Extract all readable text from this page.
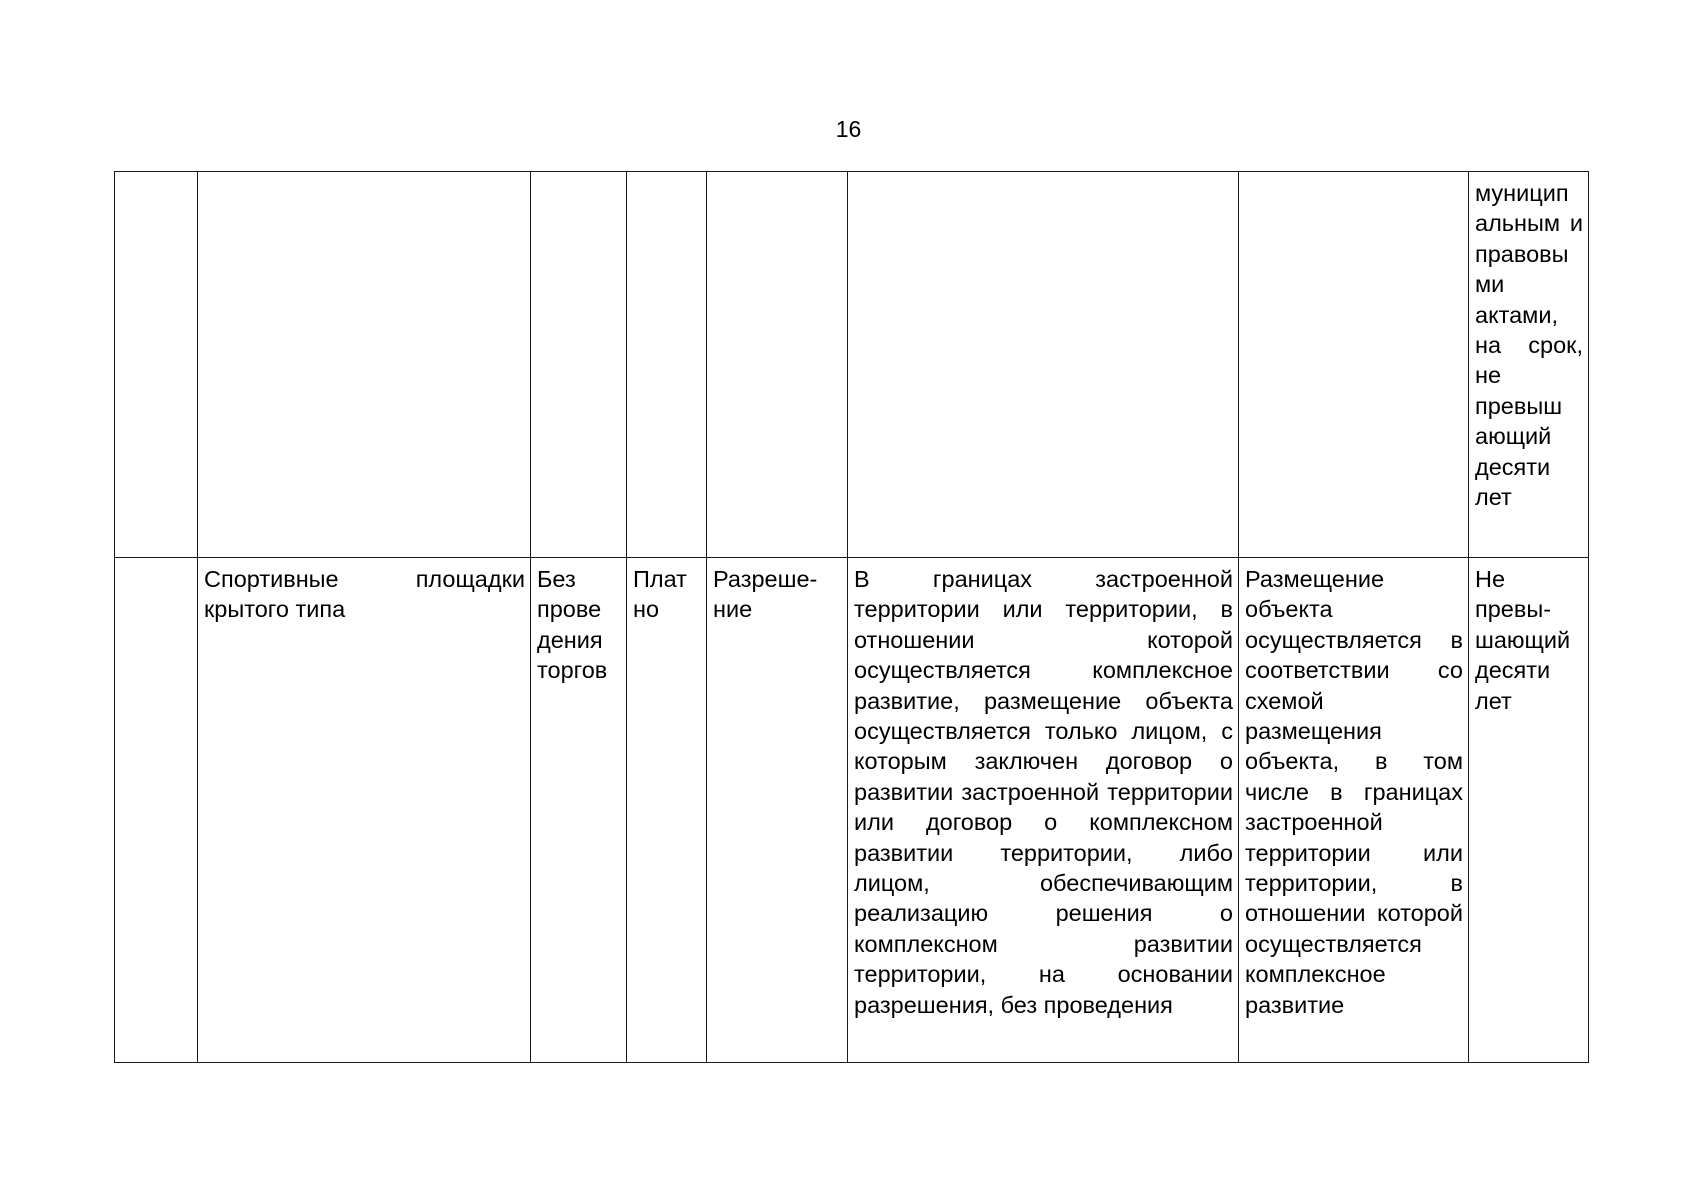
16
							муницип альным и правовы ми актами, на срок, не превыш ающий десяти лет
	Спортивные площадки крытого типа	Без прове дения торгов	Плат но	Разреше- ние	В границах застроенной территории или территории, в отношении которой осуществляется комплексное развитие, размещение объекта осуществляется только лицом, с которым заключен договор о развитии застроенной территории или договор о комплексном развитии территории, либо лицом, обеспечивающим реализацию решения о комплексном развитии территории, на основании разрешения, без проведения	Размещение объекта осуществляется в соответствии со схемой размещения объекта, в том числе в границах застроенной территории или территории, в отношении которой осуществляется комплексное развитие	Не превы- шающий десяти лет
